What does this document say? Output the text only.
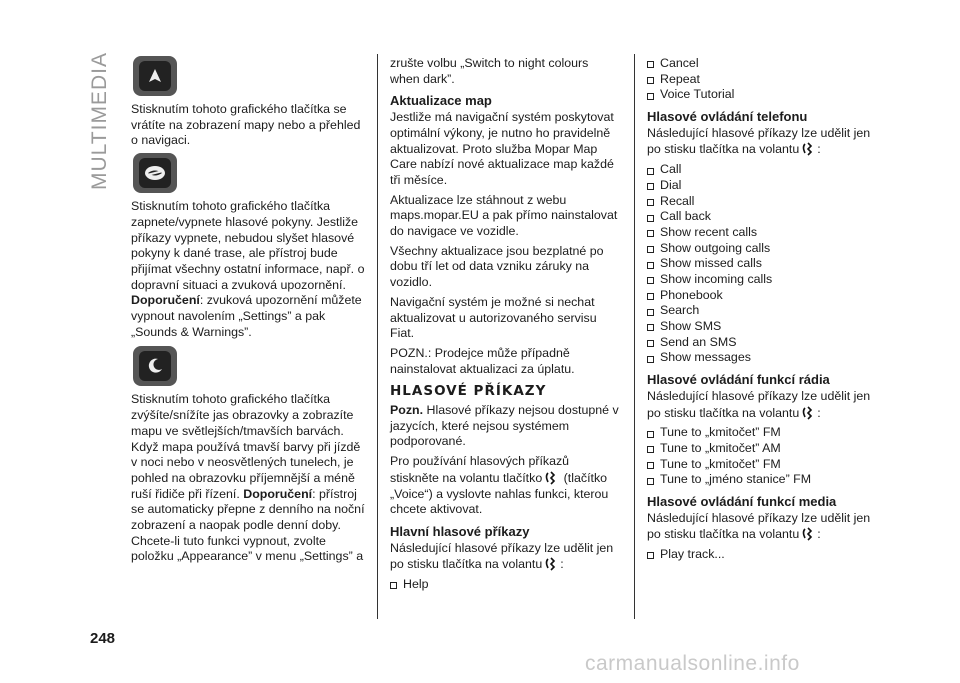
MULTIMEDIA
248

Stisknutím tohoto grafického tlačítka se vrátíte na zobrazení mapy nebo a přehled o navigaci.

Stisknutím tohoto grafického tlačítka zapnete/vypnete hlasové pokyny. Jestliže příkazy vypnete, nebudou slyšet hlasové pokyny k dané trase, ale přístroj bude přijímat všechny ostatní informace, např. o dopravní situaci a zvuková upozornění. Doporučení: zvuková upozornění můžete vypnout navolením „Settings” a pak „Sounds & Warnings”.

Stisknutím tohoto grafického tlačítka zvýšíte/snížíte jas obrazovky a zobrazíte mapu ve světlejších/tmavších barvách. Když mapa používá tmavší barvy při jízdě v noci nebo v neosvětlených tunelech, je pohled na obrazovku příjemnější a méně ruší řidiče při řízení. Doporučení: přístroj se automaticky přepne z denního na noční zobrazení a naopak podle denní doby. Chcete-li tuto funkci vypnout, zvolte položku „Appearance” v menu „Settings” a

zrušte volbu „Switch to night colours when dark”.

Aktualizace map

Jestliže má navigační systém poskytovat optimální výkony, je nutno ho pravidelně aktualizovat. Proto služba Mopar Map Care nabízí nové aktualizace map každé tři měsíce.

Aktualizace lze stáhnout z webu maps.mopar.EU a pak přímo nainstalovat do navigace ve vozidle.

Všechny aktualizace jsou bezplatné po dobu tří let od data vzniku záruky na vozidlo.

Navigační systém je možné si nechat aktualizovat u autorizovaného servisu Fiat.

POZN.: Prodejce může případně nainstalovat aktualizaci za úplatu.

HLASOVÉ PŘÍKAZY

Pozn. Hlasové příkazy nejsou dostupné v jazycích, které nejsou systémem podporované.

Pro používání hlasových příkazů stiskněte na volantu tlačítko (tlačítko „Voice“) a vyslovte nahlas funkci, kterou chcete aktivovat.

Hlavní hlasové příkazy

Následující hlasové příkazy lze udělit jen po stisku tlačítka na volantu :

Help
Cancel
Repeat
Voice Tutorial
Hlasové ovládání telefonu

Následující hlasové příkazy lze udělit jen po stisku tlačítka na volantu :

Call
Dial
Recall
Call back
Show recent calls
Show outgoing calls
Show missed calls
Show incoming calls
Phonebook
Search
Show SMS
Send an SMS
Show messages
Hlasové ovládání funkcí rádia

Následující hlasové příkazy lze udělit jen po stisku tlačítka na volantu :

Tune to „kmitočet” FM
Tune to „kmitočet” AM
Tune to „kmitočet” FM
Tune to „jméno stanice” FM
Hlasové ovládání funkcí media

Následující hlasové příkazy lze udělit jen po stisku tlačítka na volantu :

Play track...
carmanualsonline.info
